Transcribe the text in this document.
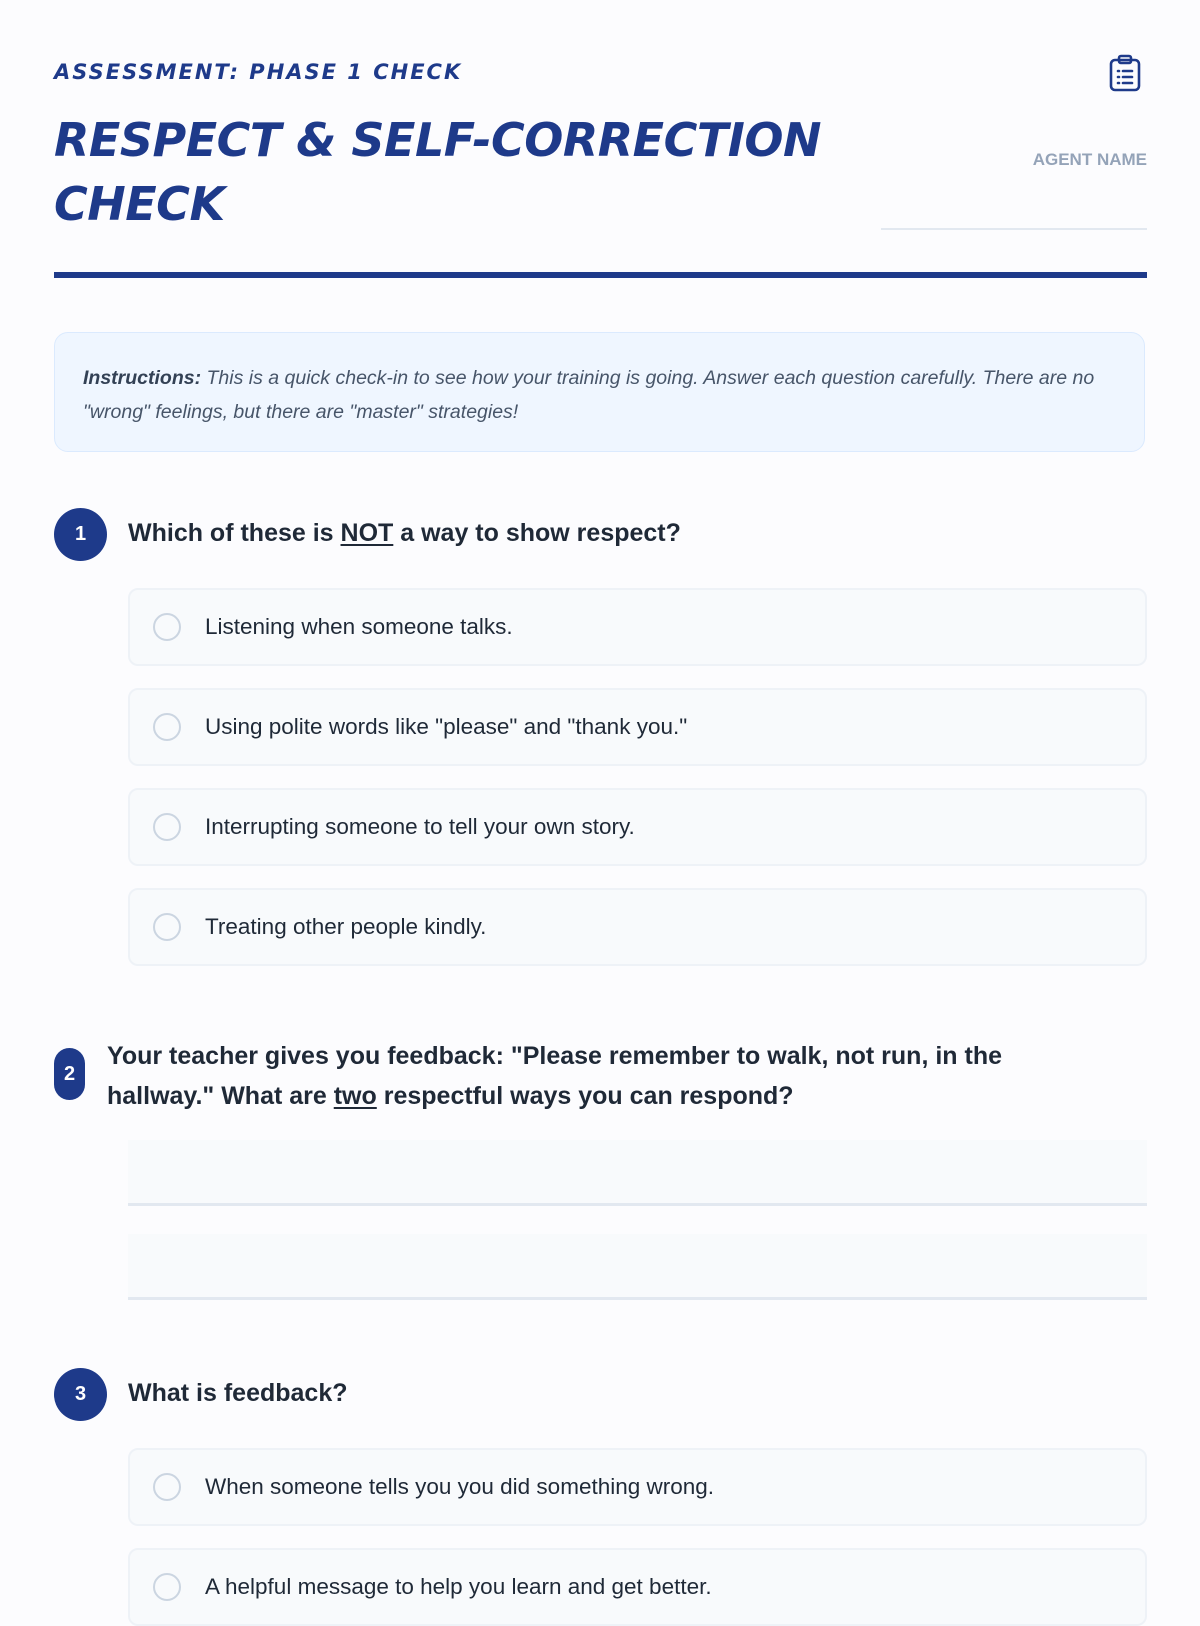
ASSESSMENT: PHASE 1 CHECK
RESPECT & SELF-CORRECTION
CHECK
AGENT NAME
Instructions: This is a quick check-in to see how your training is going. Answer each question carefully. There are no "wrong" feelings, but there are "master" strategies!
1	Which of these is NOT a way to show respect?
Listening when someone talks.
Using polite words like "please" and "thank you."
Interrupting someone to tell your own story.
Treating other people kindly.
2
Your teacher gives you feedback: "Please remember to walk, not run, in the hallway." What are two respectful ways you can respond?
3	What is feedback?
When someone tells you you did something wrong.
A helpful message to help you learn and get better.
